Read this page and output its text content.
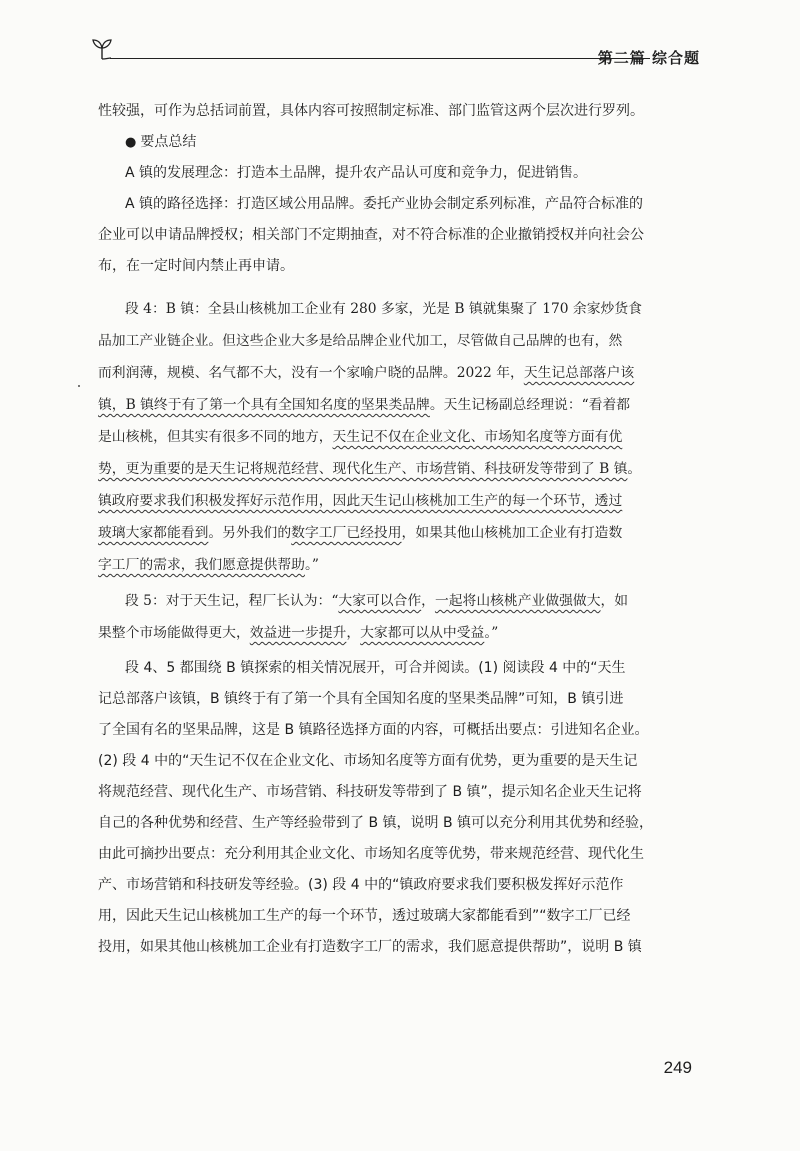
第二篇 综合题
性较强，可作为总括词前置，具体内容可按照制定标准、部门监管这两个层次进行罗列。
● 要点总结
A 镇的发展理念：打造本土品牌，提升农产品认可度和竞争力，促进销售。
A 镇的路径选择：打造区域公用品牌。委托产业协会制定系列标准，产品符合标准的
企业可以申请品牌授权；相关部门不定期抽查，对不符合标准的企业撤销授权并向社会公
布，在一定时间内禁止再申请。
段 4：B 镇：全县山核桃加工企业有 280 多家，光是 B 镇就集聚了 170 余家炒货食
品加工产业链企业。但这些企业大多是给品牌企业代加工，尽管做自己品牌的也有，然
而利润薄，规模、名气都不大，没有一个家喻户晓的品牌。2022 年，天生记总部落户该
镇，B 镇终于有了第一个具有全国知名度的坚果类品牌。天生记杨副总经理说：“看着都
是山核桃，但其实有很多不同的地方，天生记不仅在企业文化、市场知名度等方面有优
势，更为重要的是天生记将规范经营、现代化生产、市场营销、科技研发等带到了 B 镇。
镇政府要求我们积极发挥好示范作用，因此天生记山核桃加工生产的每一个环节，透过
玻璃大家都能看到。另外我们的数字工厂已经投用，如果其他山核桃加工企业有打造数
字工厂的需求，我们愿意提供帮助。”
段 5：对于天生记，程厂长认为：“大家可以合作，一起将山核桃产业做强做大，如
果整个市场能做得更大，效益进一步提升，大家都可以从中受益。”
段 4、5 都围绕 B 镇探索的相关情况展开，可合并阅读。(1) 阅读段 4 中的“天生
记总部落户该镇，B 镇终于有了第一个具有全国知名度的坚果类品牌”可知，B 镇引进
了全国有名的坚果品牌，这是 B 镇路径选择方面的内容，可概括出要点：引进知名企业。
(2) 段 4 中的“天生记不仅在企业文化、市场知名度等方面有优势，更为重要的是天生记
将规范经营、现代化生产、市场营销、科技研发等带到了 B 镇”，提示知名企业天生记将
自己的各种优势和经营、生产等经验带到了 B 镇，说明 B 镇可以充分利用其优势和经验，
由此可摘抄出要点：充分利用其企业文化、市场知名度等优势，带来规范经营、现代化生
产、市场营销和科技研发等经验。(3) 段 4 中的“镇政府要求我们要积极发挥好示范作
用，因此天生记山核桃加工生产的每一个环节，透过玻璃大家都能看到”“数字工厂已经
投用，如果其他山核桃加工企业有打造数字工厂的需求，我们愿意提供帮助”，说明 B 镇
249
